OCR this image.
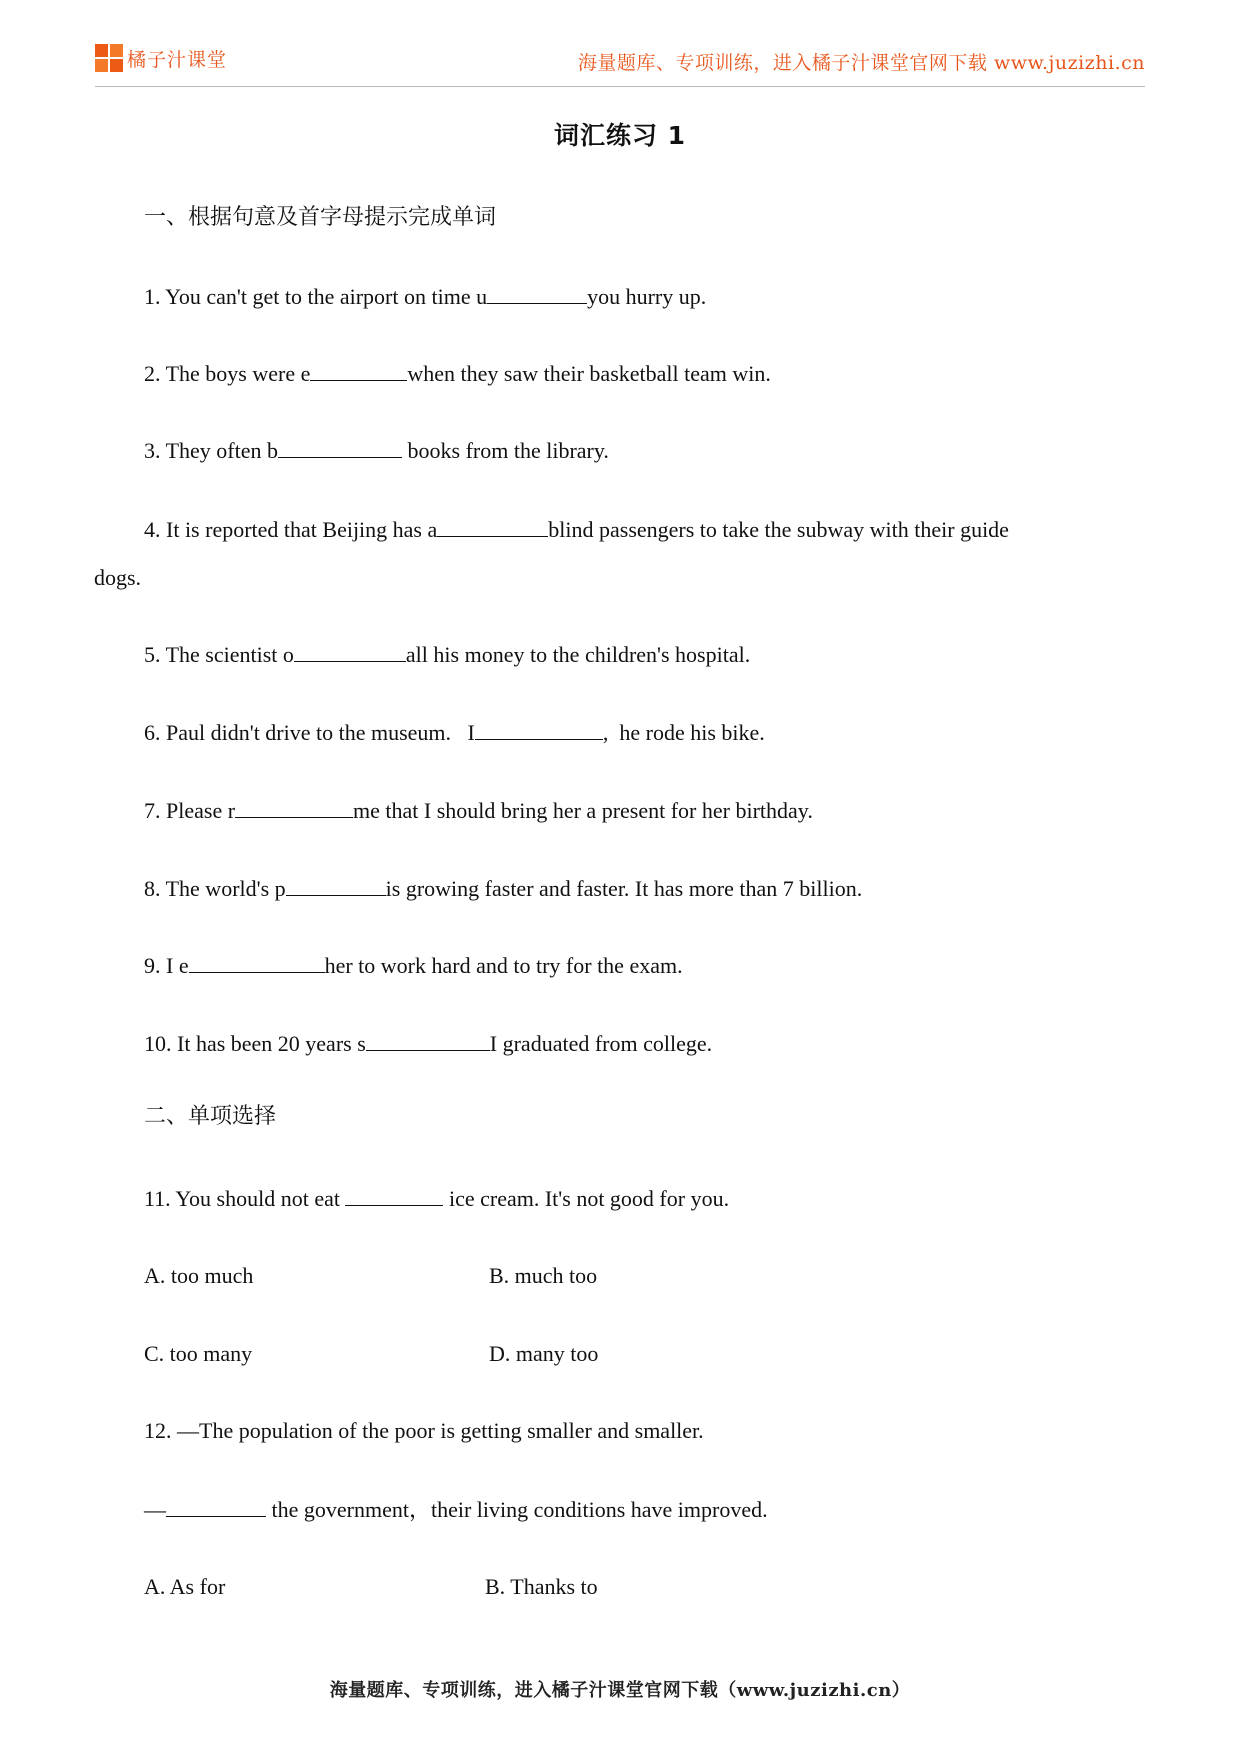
橘子汁课堂	海量题库、专项训练，进入橘子汁课堂官网下载 www.juzizhi.cn
词汇练习 1
一、根据句意及首字母提示完成单词
1. You can't get to the airport on time u	you hurry up.
2. The boys were e	when they saw their basketball team win.
3. They often b	books from the library.
4. It is reported that Beijing has a	blind passengers to take the subway with their guide
dogs.
5. The scientist o	all his money to the children's hospital.
6. Paul didn't drive to the museum.   I	,  he rode his bike.
7. Please r	me that I should bring her a present for her birthday.
8. The world's p	is growing faster and faster. It has more than 7 billion.
9. I e	her to work hard and to try for the exam.
10. It has been 20 years s	I graduated from college.
二、单项选择
11. You should not eat	ice cream. It's not good for you.
A. too much	B. much too
C. too many	D. many too
12. —The population of the poor is getting smaller and smaller.
—	the government，their living conditions have improved.
A. As for	B. Thanks to
海量题库、专项训练，进入橘子汁课堂官网下载（www.juzizhi.cn）
